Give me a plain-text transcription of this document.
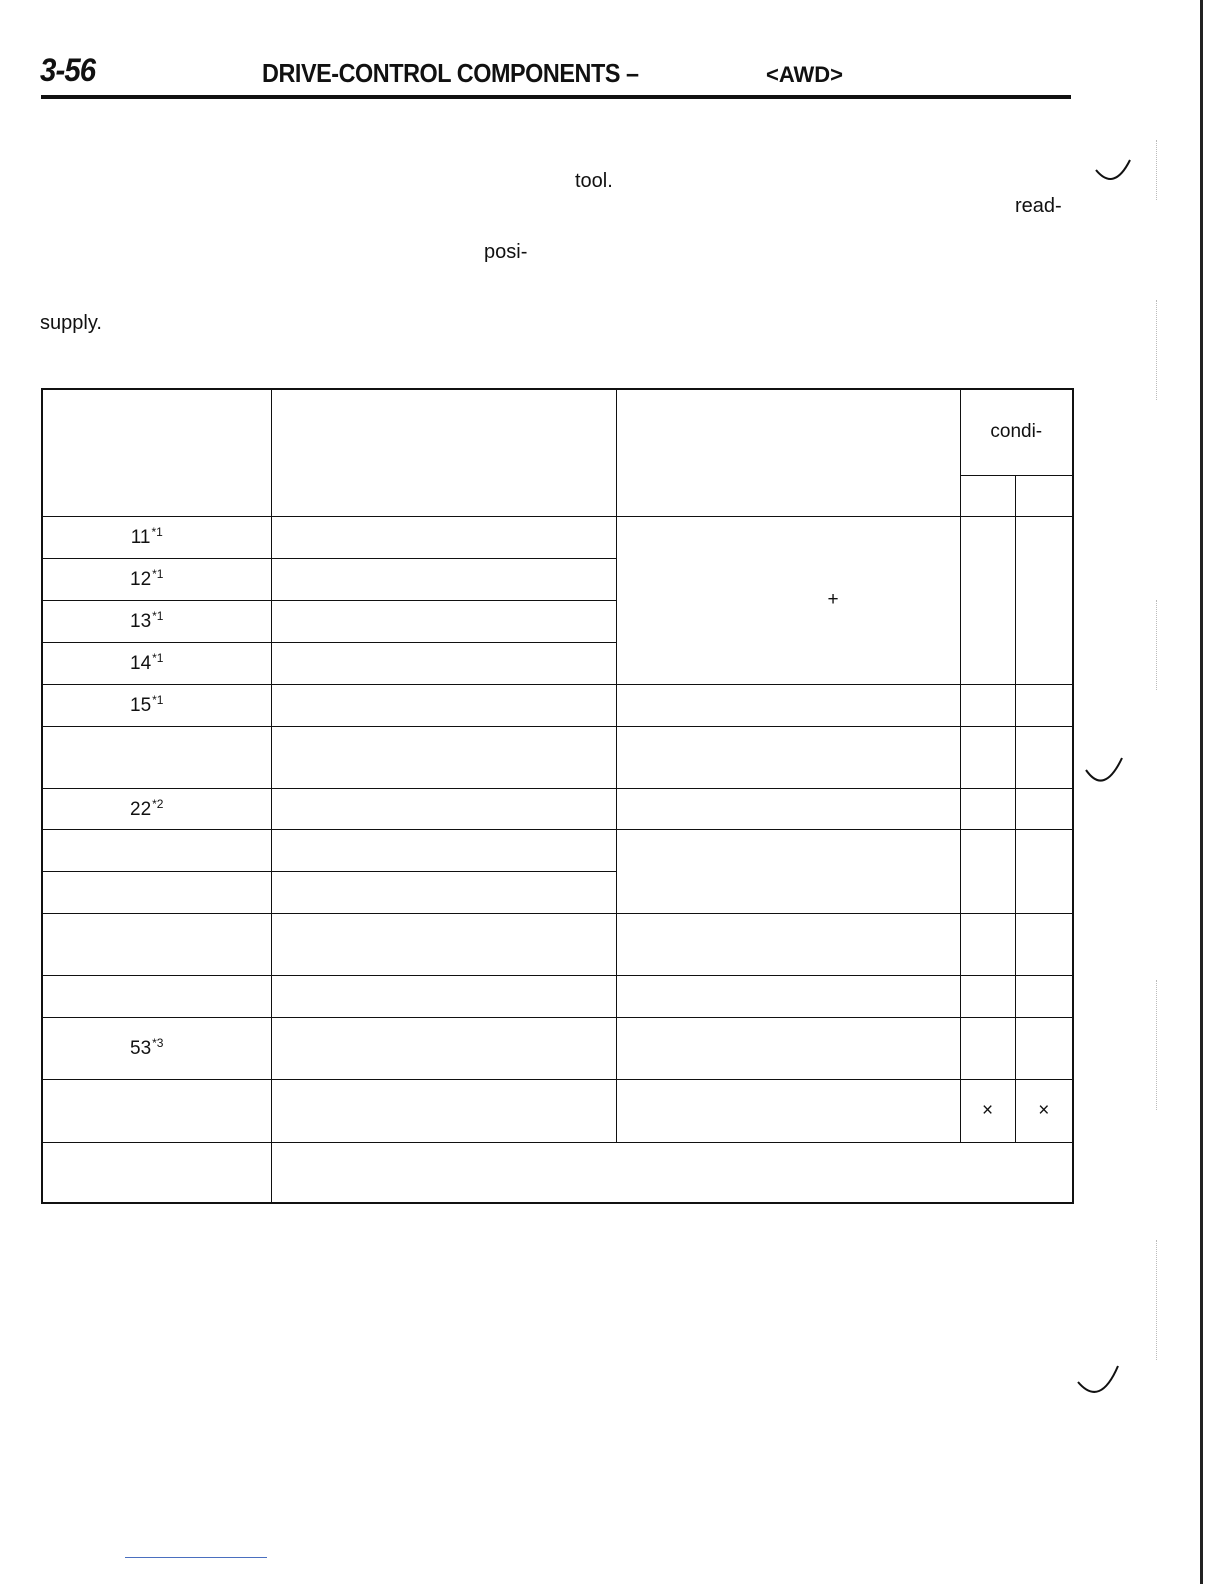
3-56	DRIVE-CONTROL COMPONENTS –	<AWD>
tool.
read-
posi-
supply.
			condi-	

11$^{*1}$		+		

12$^{*1}$	
13$^{*1}$	
14$^{*1}$	
15$^{*1}$				

22$^{*2}$				

53$^{*3}$				
			×	×
